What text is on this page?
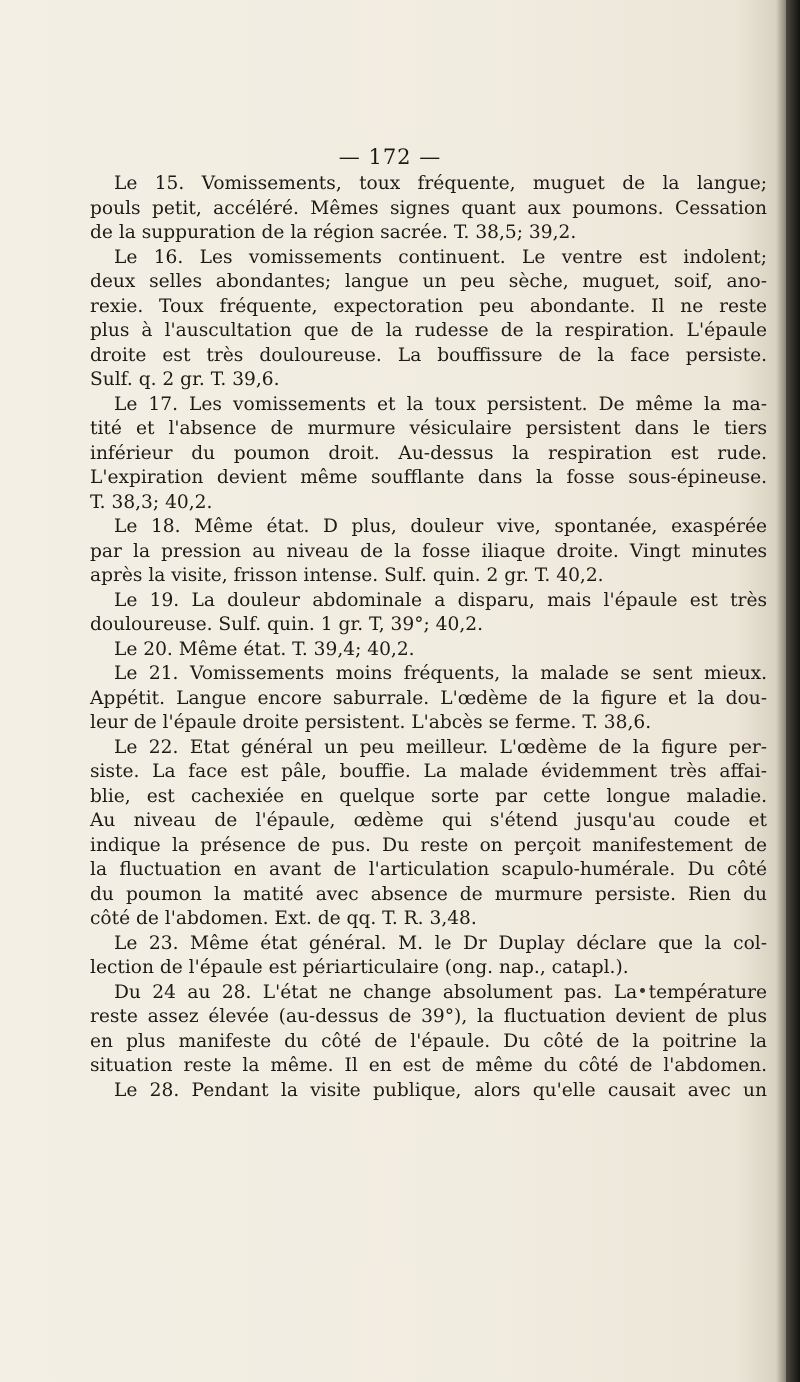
— 172 —
Le 15. Vomissements, toux fréquente, muguet de la langue;
pouls petit, accéléré. Mêmes signes quant aux poumons. Cessation
de la suppuration de la région sacrée. T. 38,5; 39,2.
Le 16. Les vomissements continuent. Le ventre est indolent;
deux selles abondantes; langue un peu sèche, muguet, soif, ano-
rexie. Toux fréquente, expectoration peu abondante. Il ne reste
plus à l'auscultation que de la rudesse de la respiration. L'épaule
droite est très douloureuse. La bouffissure de la face persiste.
Sulf. q. 2 gr. T. 39,6.
Le 17. Les vomissements et la toux persistent. De même la ma-
tité et l'absence de murmure vésiculaire persistent dans le tiers
inférieur du poumon droit. Au-dessus la respiration est rude.
L'expiration devient même soufflante dans la fosse sous-épineuse.
T. 38,3; 40,2.
Le 18. Même état. D plus, douleur vive, spontanée, exaspérée
par la pression au niveau de la fosse iliaque droite. Vingt minutes
après la visite, frisson intense. Sulf. quin. 2 gr. T. 40,2.
Le 19. La douleur abdominale a disparu, mais l'épaule est très
douloureuse. Sulf. quin. 1 gr. T, 39°; 40,2.
Le 20. Même état. T. 39,4; 40,2.
Le 21. Vomissements moins fréquents, la malade se sent mieux.
Appétit. Langue encore saburrale. L'œdème de la figure et la dou-
leur de l'épaule droite persistent. L'abcès se ferme. T. 38,6.
Le 22. Etat général un peu meilleur. L'œdème de la figure per-
siste. La face est pâle, bouffie. La malade évidemment très affai-
blie, est cachexiée en quelque sorte par cette longue maladie.
Au niveau de l'épaule, œdème qui s'étend jusqu'au coude et
indique la présence de pus. Du reste on perçoit manifestement de
la fluctuation en avant de l'articulation scapulo-humérale. Du côté
du poumon la matité avec absence de murmure persiste. Rien du
côté de l'abdomen. Ext. de qq. T. R. 3,48.
Le 23. Même état général. M. le Dr Duplay déclare que la col-
lection de l'épaule est périarticulaire (ong. nap., catapl.).
Du 24 au 28. L'état ne change absolument pas. La température
reste assez élevée (au-dessus de 39°), la fluctuation devient de plus
en plus manifeste du côté de l'épaule. Du côté de la poitrine la
situation reste la même. Il en est de même du côté de l'abdomen.
Le 28. Pendant la visite publique, alors qu'elle causait avec un
